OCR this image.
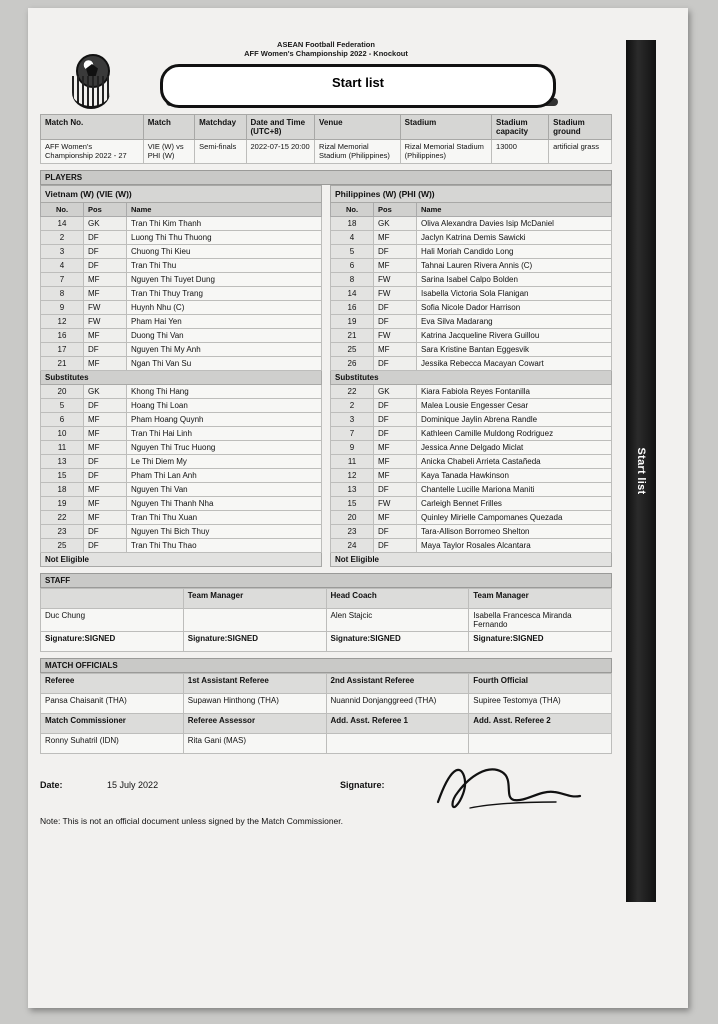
Start list
ASEAN Football Federation
AFF Women's Championship 2022 - Knockout
Start list
Match No.	Match	Matchday	Date and Time (UTC+8)	Venue	Stadium	Stadium capacity	Stadium ground
AFF Women's Championship 2022 - 27	VIE (W) vs PHI (W)	Semi-finals	2022-07-15 20:00	Rizal Memorial Stadium (Philippines)	Rizal Memorial Stadium (Philippines)	13000	artificial grass
PLAYERS
Vietnam (W) (VIE (W))		
No.	Pos	Name
14	GK	Tran Thi Kim Thanh
2	DF	Luong Thi Thu Thuong
3	DF	Chuong Thi Kieu
4	DF	Tran Thi Thu
7	MF	Nguyen Thi Tuyet Dung
8	MF	Tran Thi Thuy Trang
9	FW	Huynh Nhu (C)
12	FW	Pham Hai Yen
16	MF	Duong Thi Van
17	DF	Nguyen Thi My Anh
21	MF	Ngan Thi Van Su
Substitutes		
20	GK	Khong Thi Hang
5	DF	Hoang Thi Loan
6	MF	Pham Hoang Quynh
10	MF	Tran Thi Hai Linh
11	MF	Nguyen Thi Truc Huong
13	DF	Le Thi Diem My
15	DF	Pham Thi Lan Anh
18	MF	Nguyen Thi Van
19	MF	Nguyen Thi Thanh Nha
22	MF	Tran Thi Thu Xuan
23	DF	Nguyen Thi Bich Thuy
25	DF	Tran Thi Thu Thao
Not Eligible		
Philippines (W) (PHI (W))		
No.	Pos	Name
18	GK	Oliva Alexandra Davies Isip McDaniel
4	MF	Jaclyn Katrina Demis Sawicki
5	DF	Hali Moriah Candido Long
6	MF	Tahnai Lauren Rivera Annis (C)
8	FW	Sarina Isabel Calpo Bolden
14	FW	Isabella Victoria Sola Flanigan
16	DF	Sofia Nicole Dador Harrison
19	DF	Eva Silva Madarang
21	FW	Katrina Jacqueline Rivera Guillou
25	MF	Sara Kristine Bantan Eggesvik
26	DF	Jessika Rebecca Macayan Cowart
Substitutes		
22	GK	Kiara Fabiola Reyes Fontanilla
2	DF	Malea Lousie Engesser Cesar
3	DF	Dominique Jaylin Abrena Randle
7	DF	Kathleen Camille Muldong Rodriguez
9	MF	Jessica Anne Delgado Miclat
11	MF	Anicka Chabeli Arrieta Castañeda
12	MF	Kaya Tanada Hawkinson
13	DF	Chantelle Lucille Mariona Maniti
15	FW	Carleigh Bennet Frilles
20	MF	Quinley Mirielle Campomanes Quezada
23	DF	Tara-Allison Borromeo Shelton
24	DF	Maya Taylor Rosales Alcantara
Not Eligible		
STAFF
	Team Manager	Head Coach	Team Manager
Duc Chung		Alen Stajcic	Isabella Francesca Miranda Fernando
Signature:SIGNED	Signature:SIGNED	Signature:SIGNED	Signature:SIGNED
MATCH OFFICIALS
Referee	1st Assistant Referee	2nd Assistant Referee	Fourth Official
Pansa Chaisanit (THA)	Supawan Hinthong (THA)	Nuannid Donjanggreed (THA)	Supiree Testomya (THA)
Match Commissioner	Referee Assessor	Add. Asst. Referee 1	Add. Asst. Referee 2
Ronny Suhatril (IDN)	Rita Gani (MAS)		
Date:	15 July 2022	Signature:
Note: This is not an official document unless signed by the Match Commissioner.
